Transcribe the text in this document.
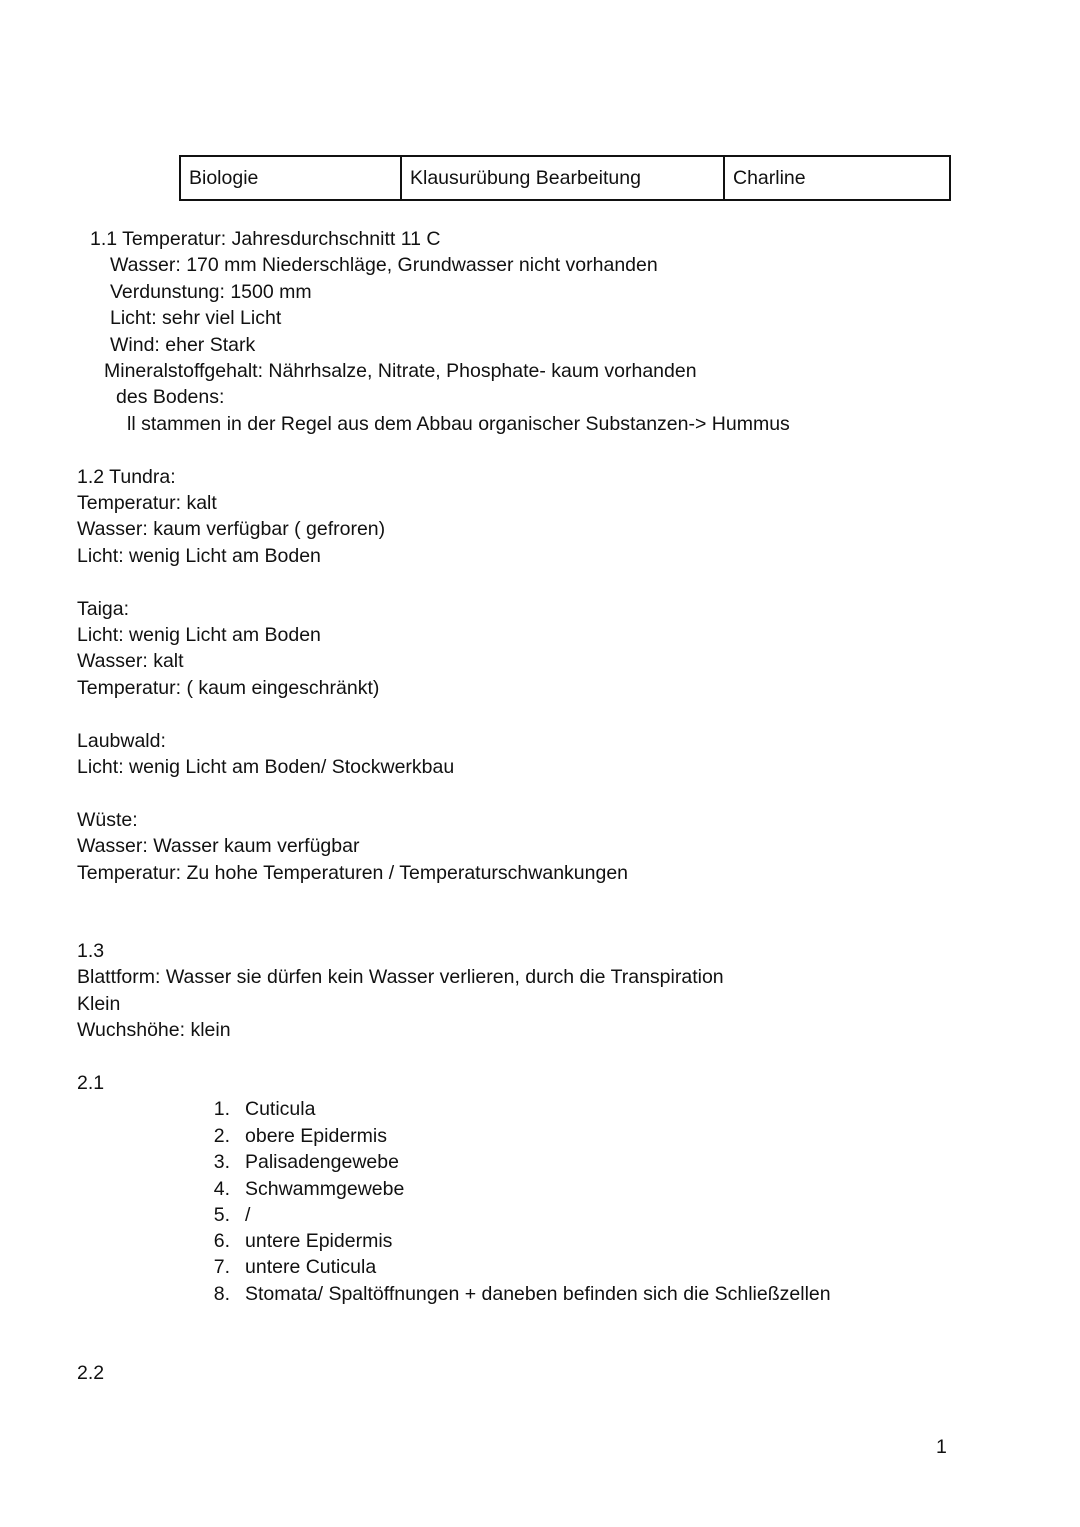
Biologie	Klausurübung Bearbeitung	Charline
1.1 Temperatur: Jahresdurchschnitt 11 C
Wasser: 170 mm Niederschläge, Grundwasser nicht vorhanden
Verdunstung: 1500 mm
Licht: sehr viel Licht
Wind: eher Stark
Mineralstoffgehalt: Nährhsalze, Nitrate, Phosphate- kaum vorhanden
des Bodens:
ll stammen in der Regel aus dem Abbau organischer Substanzen-> Hummus
1.2 Tundra:
Temperatur: kalt
Wasser: kaum verfügbar ( gefroren)
Licht: wenig Licht am Boden
Taiga:
Licht: wenig Licht am Boden
Wasser: kalt
Temperatur: ( kaum eingeschränkt)
Laubwald:
Licht: wenig Licht am Boden/ Stockwerkbau
Wüste:
Wasser: Wasser kaum verfügbar
Temperatur: Zu hohe Temperaturen / Temperaturschwankungen
1.3
Blattform: Wasser sie dürfen kein Wasser verlieren, durch die Transpiration
Klein
Wuchshöhe: klein
2.1
1. Cuticula
2. obere Epidermis
3. Palisadengewebe
4. Schwammgewebe
5. /
6. untere Epidermis
7. untere Cuticula
8. Stomata/ Spaltöffnungen + daneben befinden sich die Schließzellen
2.2
1
